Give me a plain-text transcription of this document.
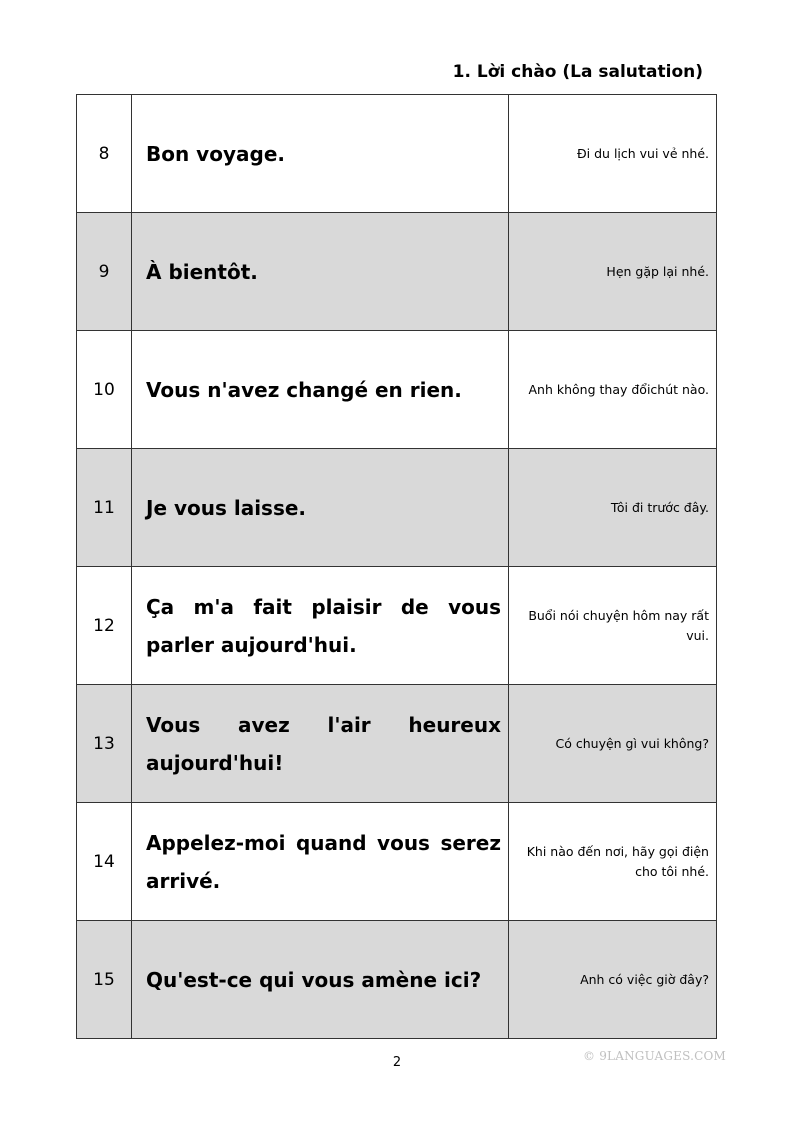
1. Lời chào (La salutation)
8	Bon voyage.	Đi du lịch vui vẻ nhé.
9	À bientôt.	Hẹn gặp lại nhé.
10	Vous n'avez changé en rien.	Anh không thay đổichút nào.
11	Je vous laisse.	Tôi đi trước đây.
12	Ça m'a fait plaisir de vous parler aujourd'hui.	Buổi nói chuyện hôm nay rất vui.
13	Vous avez l'air heureux aujourd'hui!	Có chuyện gì vui không?
14	Appelez-moi quand vous serez arrivé.	Khi nào đến nơi, hãy gọi điện cho tôi nhé.
15	Qu'est-ce qui vous amène ici?	Anh có việc giờ đây?
2	© 9LANGUAGES.COM
